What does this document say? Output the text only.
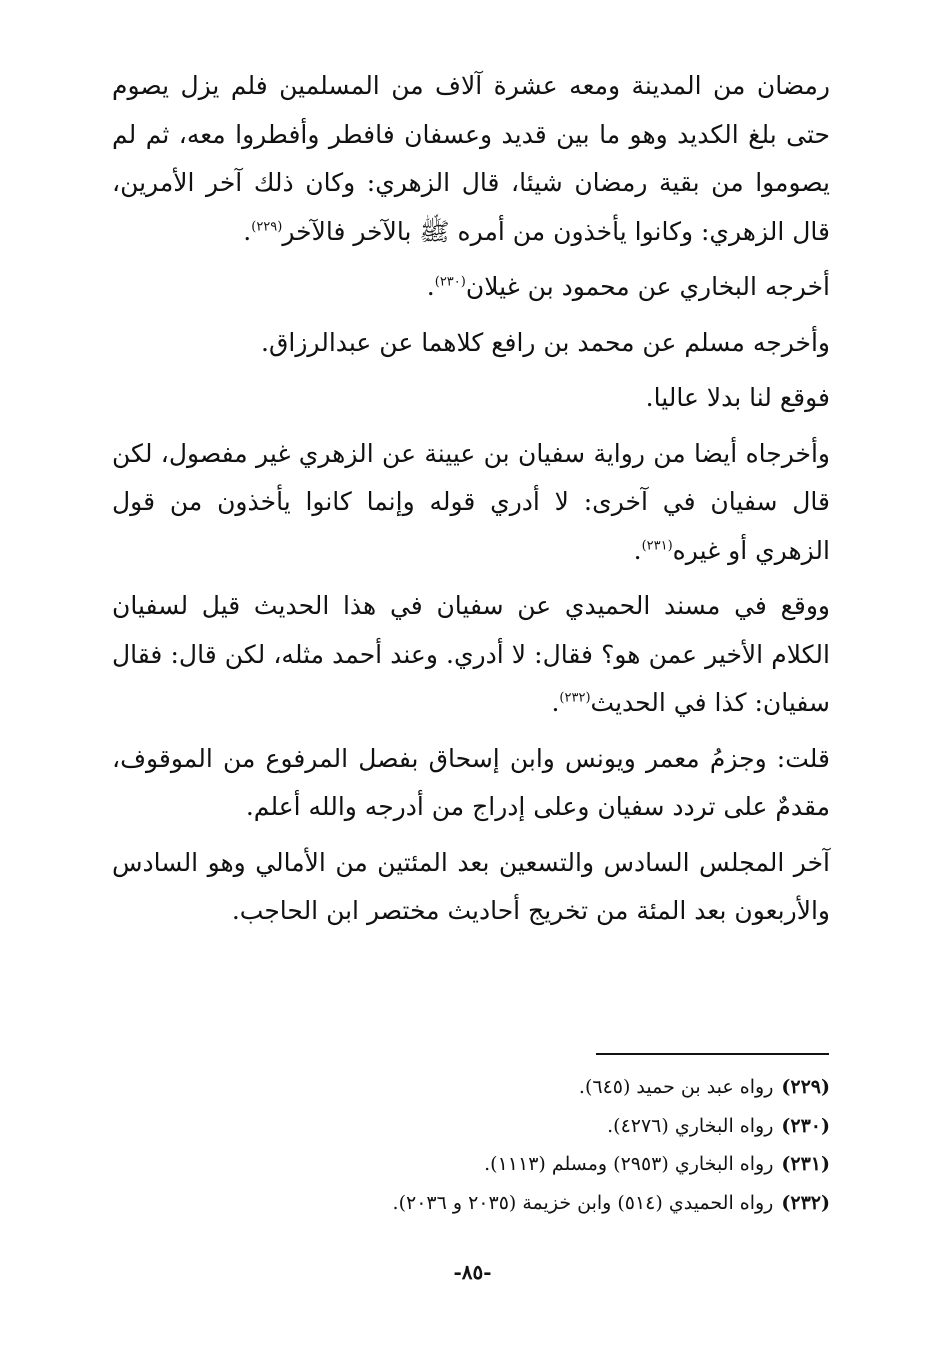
رمضان من المدينة ومعه عشرة آلاف من المسلمين فلم يزل يصوم حتى بلغ الكديد وهو ما بين قديد وعسفان فافطر وأفطروا معه، ثم لم يصوموا من بقية رمضان شيئا، قال الزهري: وكان ذلك آخر الأمرين، قال الزهري: وكانوا يأخذون من أمره ﷺ بالآخر فالآخر$^{(٢٢٩)}$.

أخرجه البخاري عن محمود بن غيلان$^{(٢٣٠)}$.

وأخرجه مسلم عن محمد بن رافع كلاهما عن عبدالرزاق.

فوقع لنا بدلا عاليا.

وأخرجاه أيضا من رواية سفيان بن عيينة عن الزهري غير مفصول، لكن قال سفيان في آخرى: لا أدري قوله وإنما كانوا يأخذون من قول الزهري أو غيره$^{(٢٣١)}$.

ووقع في مسند الحميدي عن سفيان في هذا الحديث قيل لسفيان الكلام الأخير عمن هو؟ فقال: لا أدري. وعند أحمد مثله، لكن قال: فقال سفيان: كذا في الحديث$^{(٢٣٢)}$.

قلت: وجزمُ معمر ويونس وابن إسحاق بفصل المرفوع من الموقوف، مقدمٌ على تردد سفيان وعلى إدراج من أدرجه والله أعلم.

آخر المجلس السادس والتسعين بعد المئتين من الأمالي وهو السادس والأربعون بعد المئة من تخريج أحاديث مختصر ابن الحاجب.

(٢٢٩)رواه عبد بن حميد (٦٤٥).
(٢٣٠)رواه البخاري (٤٢٧٦).
(٢٣١)رواه البخاري (٢٩٥٣) ومسلم (١١١٣).
(٢٣٢)رواه الحميدي (٥١٤) وابن خزيمة (٢٠٣٥ و ٢٠٣٦).
-٨٥-
